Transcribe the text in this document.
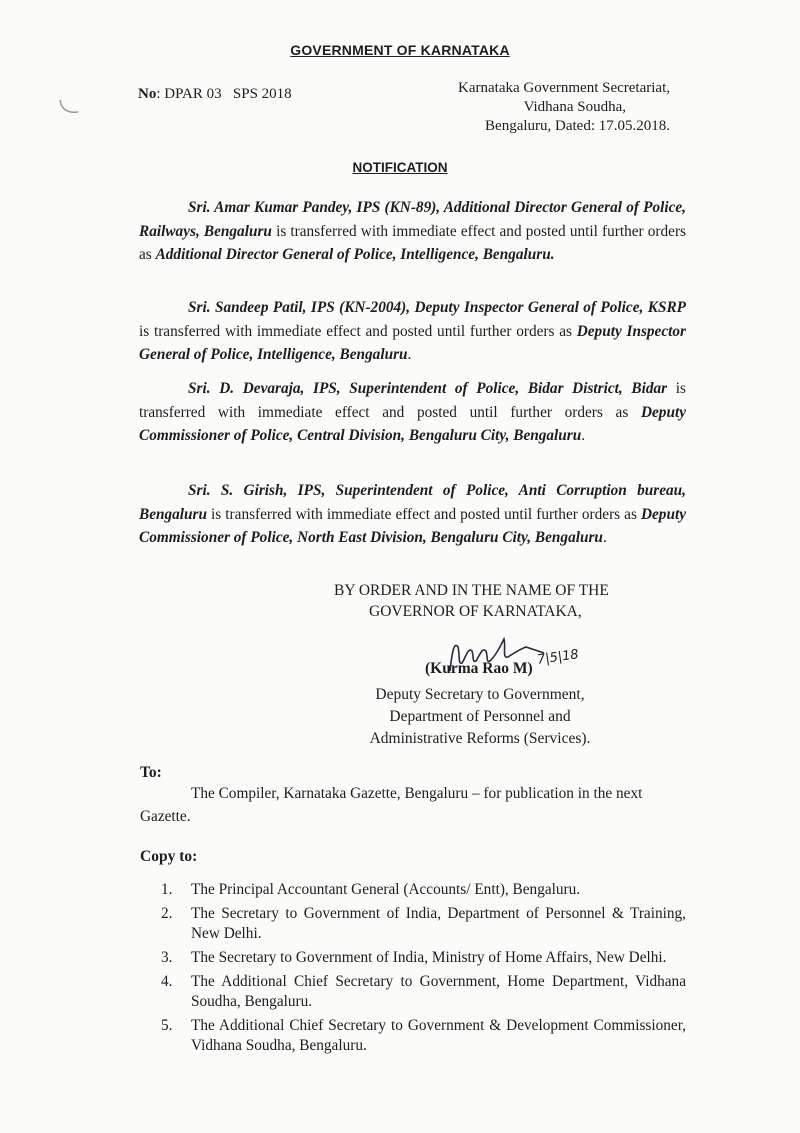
GOVERNMENT OF KARNATAKA
No: DPAR 03   SPS 2018	Karnataka Government Secretariat,
Vidhana Soudha,
Bengaluru, Dated: 17.05.2018.
NOTIFICATION

Sri. Amar Kumar Pandey, IPS (KN-89), Additional Director General of Police, Railways, Bengaluru is transferred with immediate effect and posted until further orders as Additional Director General of Police, Intelligence, Bengaluru.

Sri. Sandeep Patil, IPS (KN-2004), Deputy Inspector General of Police, KSRP is transferred with immediate effect and posted until further orders as Deputy Inspector General of Police, Intelligence, Bengaluru.

Sri. D. Devaraja, IPS, Superintendent of Police, Bidar District, Bidar is transferred with immediate effect and posted until further orders as Deputy Commissioner of Police, Central Division, Bengaluru City, Bengaluru.

Sri. S. Girish, IPS, Superintendent of Police, Anti Corruption bureau, Bengaluru is transferred with immediate effect and posted until further orders as Deputy Commissioner of Police, North East Division, Bengaluru City, Bengaluru.

BY ORDER AND IN THE NAME OF THE
GOVERNOR OF KARNATAKA,
(Kurma Rao M)
7|5|18
Deputy Secretary to Government,
Department of Personnel and
Administrative Reforms (Services).
To:

The Compiler, Karnataka Gazette, Bengaluru – for publication in the next Gazette.

Copy to:
1. The Principal Accountant General (Accounts/ Entt), Bengaluru.
2. The Secretary to Government of India, Department of Personnel & Training, New Delhi.
3. The Secretary to Government of India, Ministry of Home Affairs, New Delhi.
4. The Additional Chief Secretary to Government, Home Department, Vidhana Soudha, Bengaluru.
5. The Additional Chief Secretary to Government & Development Commissioner, Vidhana Soudha, Bengaluru.
